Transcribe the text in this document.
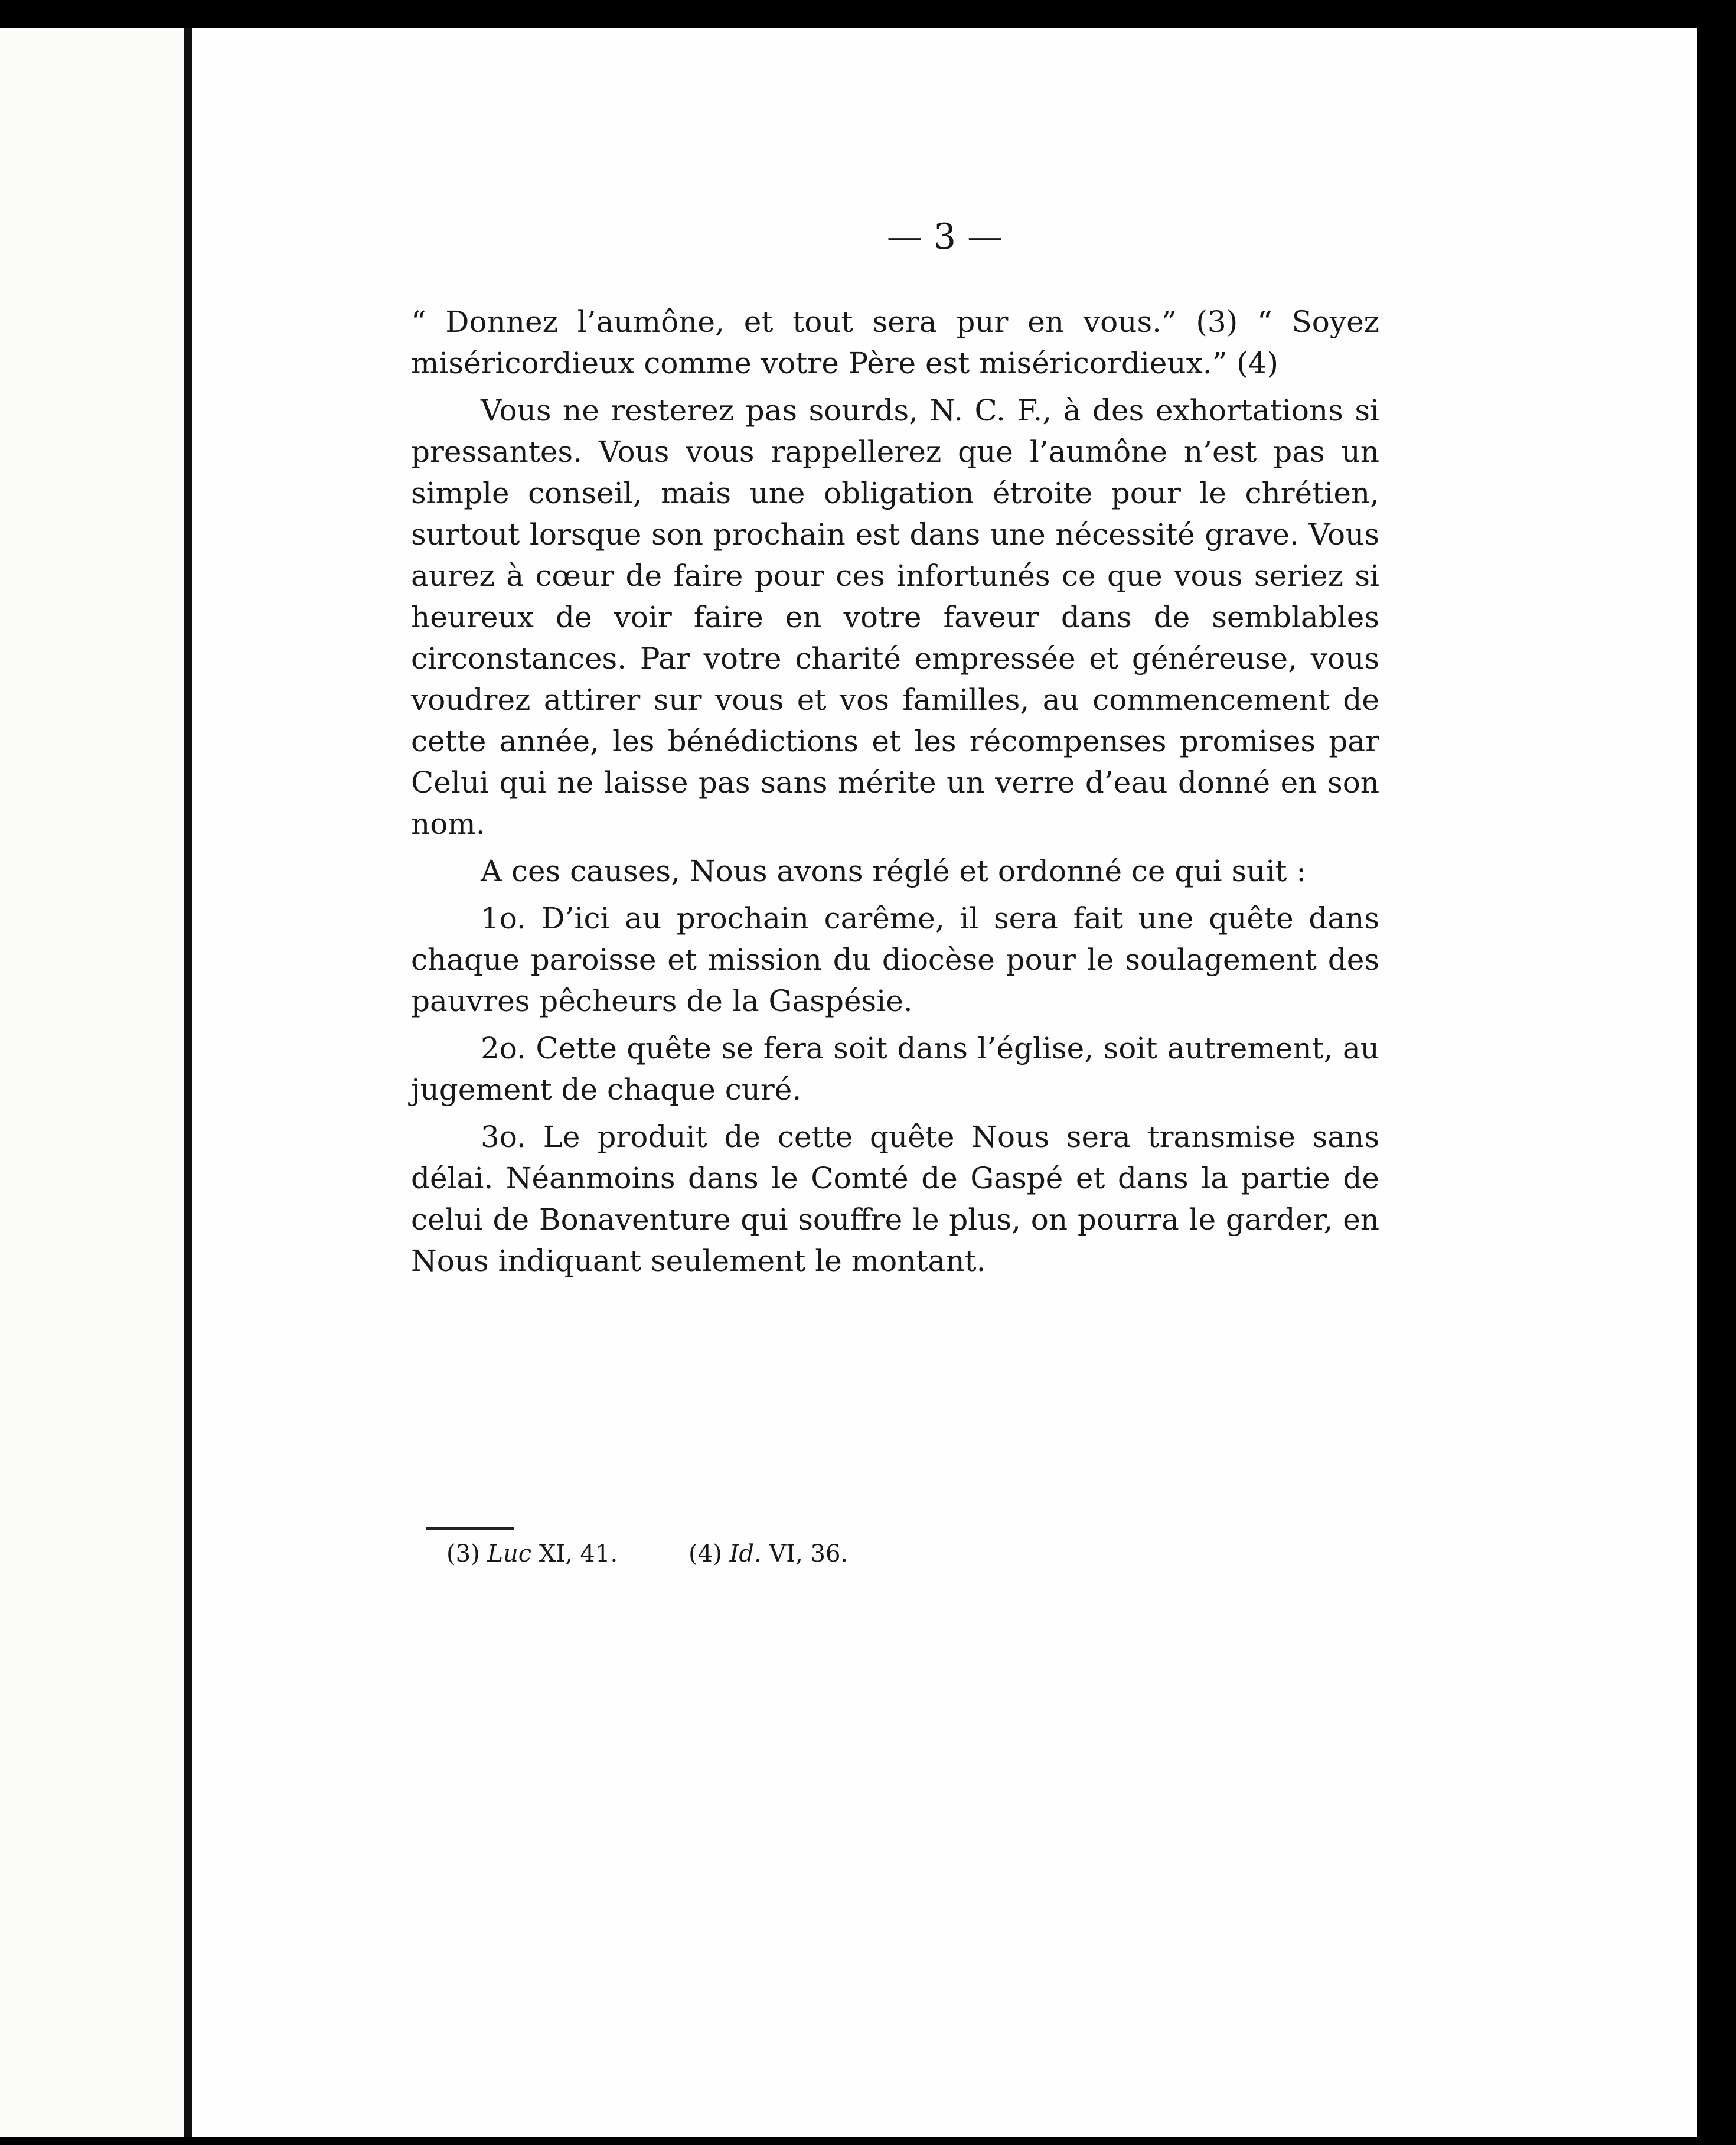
— 3 —

“ Donnez l’aumône, et tout sera pur en vous.” (3) “ Soyez miséricordieux comme votre Père est miséricordieux.” (4)

Vous ne resterez pas sourds, N. C. F., à des exhortations si pressantes. Vous vous rappellerez que l’aumône n’est pas un simple conseil, mais une obligation étroite pour le chrétien, surtout lorsque son prochain est dans une nécessité grave. Vous aurez à cœur de faire pour ces infortunés ce que vous seriez si heureux de voir faire en votre faveur dans de semblables circonstances. Par votre charité empressée et généreuse, vous voudrez attirer sur vous et vos familles, au commencement de cette année, les bénédictions et les récompenses promises par Celui qui ne laisse pas sans mérite un verre d’eau donné en son nom.

A ces causes, Nous avons réglé et ordonné ce qui suit :

1o. D’ici au prochain carême, il sera fait une quête dans chaque paroisse et mission du diocèse pour le soulagement des pauvres pêcheurs de la Gaspésie.

2o. Cette quête se fera soit dans l’église, soit autrement, au jugement de chaque curé.

3o. Le produit de cette quête Nous sera transmise sans délai. Néanmoins dans le Comté de Gaspé et dans la partie de celui de Bonaventure qui souffre le plus, on pourra le garder, en Nous indiquant seulement le montant.

(3) Luc XI, 41.	(4) Id. VI, 36.
